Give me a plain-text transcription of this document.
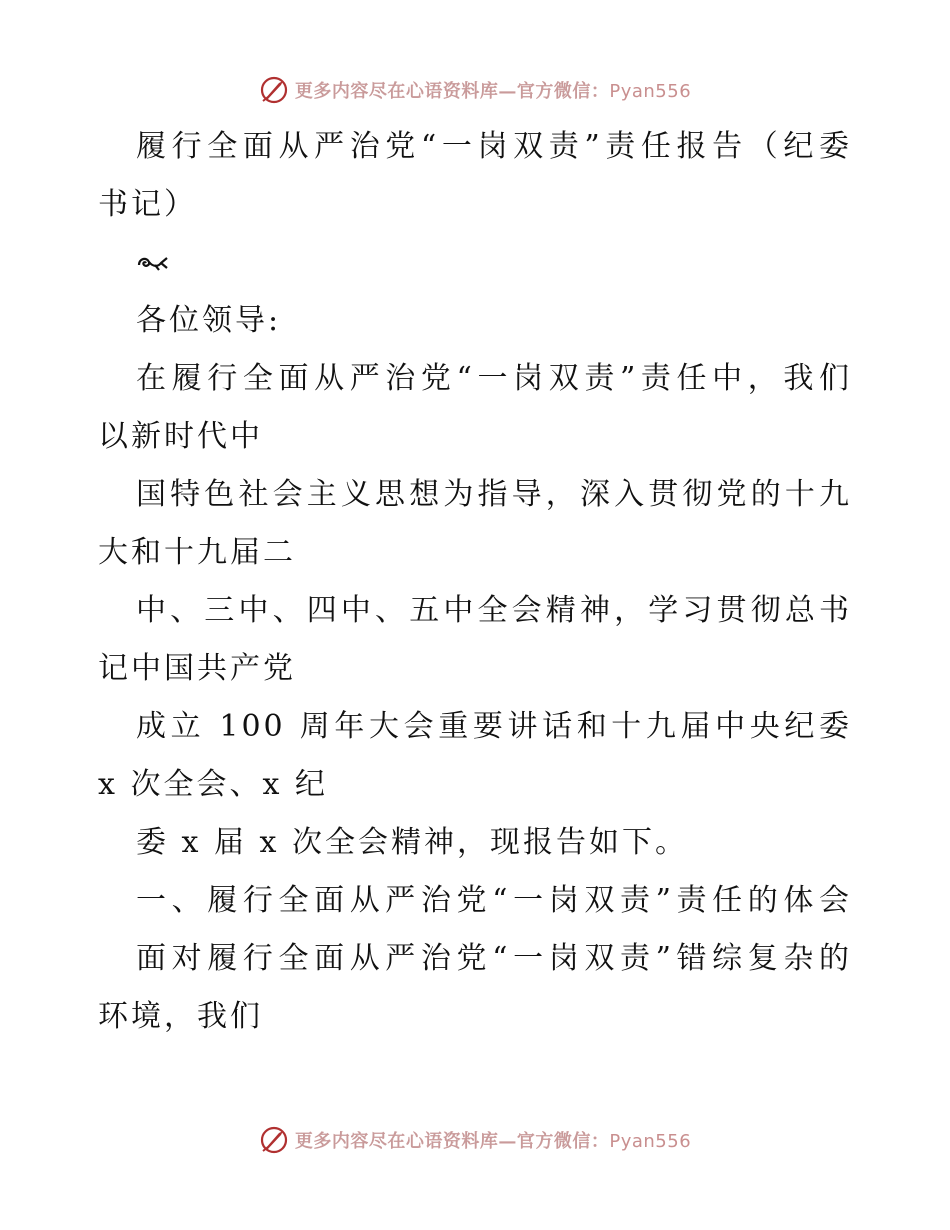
更多内容尽在心语资料库—官方微信：Pyan556
履行全面从严治党“一岗双责”责任报告（纪委
书记）
各位领导:
在履行全面从严治党“一岗双责”责任中，我们
以新时代中
国特色社会主义思想为指导，深入贯彻党的十九
大和十九届二
中、三中、四中、五中全会精神，学习贯彻总书
记中国共产党
成立 100 周年大会重要讲话和十九届中央纪委
x 次全会、x 纪
委 x 届 x 次全会精神，现报告如下。
一、履行全面从严治党“一岗双责”责任的体会
面对履行全面从严治党“一岗双责”错综复杂的
环境，我们
更多内容尽在心语资料库—官方微信：Pyan556
